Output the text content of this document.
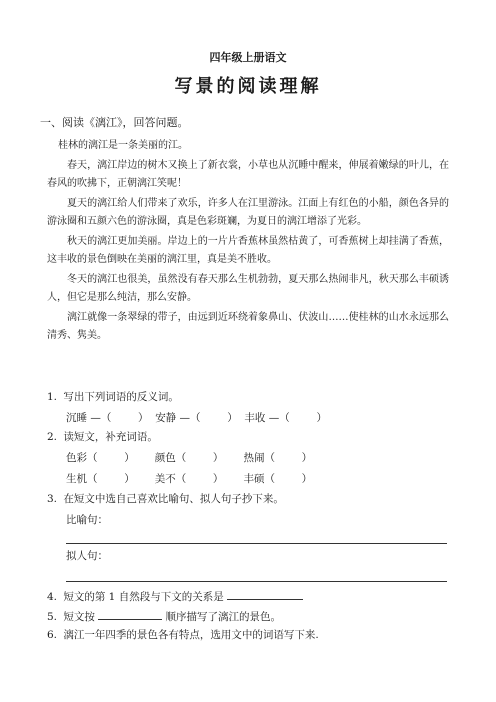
四年级上册语文
写景的阅读理解
一、阅读《漓江》，回答问题。

桂林的漓江是一条美丽的江。

春天，漓江岸边的树木又换上了新衣裳，小草也从沉睡中醒来，伸展着嫩绿的叶儿，在春风的吹拂下，正朝漓江笑呢！

夏天的漓江给人们带来了欢乐，许多人在江里游泳。江面上有红色的小船，颜色各异的游泳圈和五颜六色的游泳圈，真是色彩斑斓，为夏日的漓江增添了光彩。

秋天的漓江更加美丽。岸边上的一片片香蕉林虽然枯黄了，可香蕉树上却挂满了香蕉，这丰收的景色倒映在美丽的漓江里，真是美不胜收。

冬天的漓江也很美，虽然没有春天那么生机勃勃，夏天那么热闹非凡，秋天那么丰硕诱人，但它是那么纯洁，那么安静。

漓江就像一条翠绿的带子，由远到近环绕着象鼻山、伏波山……使桂林的山水永远那么清秀、隽美。

1. 写出下列词语的反义词。
沉睡 —（        ）  安静 —（        ）  丰收 —（        ）
2. 读短文，补充词语。
色彩（        ）      颜色（        ）      热闹（        ）
生机（        ）      美不（        ）      丰硕（        ）
3. 在短文中选自己喜欢比喻句、拟人句子抄下来。
比喻句：
拟人句：
4. 短文的第 1 自然段与下文的关系是
5. 短文按	顺序描写了漓江的景色。
6. 漓江一年四季的景色各有特点，选用文中的词语写下来.
